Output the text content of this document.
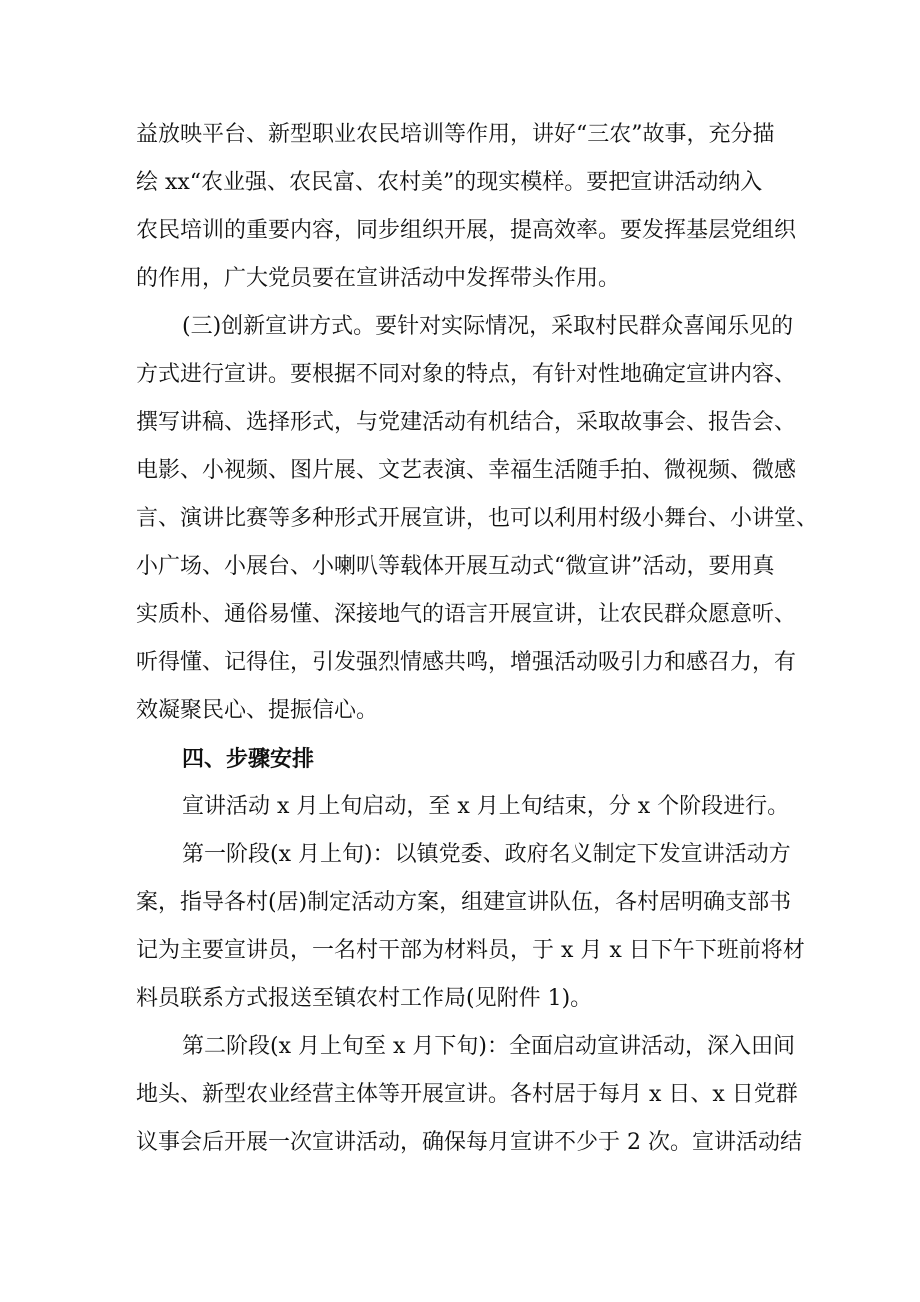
益放映平台、新型职业农民培训等作用，讲好“三农”故事，充分描

绘 xx“农业强、农民富、农村美”的现实模样。要把宣讲活动纳入

农民培训的重要内容，同步组织开展，提高效率。要发挥基层党组织

的作用，广大党员要在宣讲活动中发挥带头作用。

(三)创新宣讲方式。要针对实际情况，采取村民群众喜闻乐见的

方式进行宣讲。要根据不同对象的特点，有针对性地确定宣讲内容、

撰写讲稿、选择形式，与党建活动有机结合，采取故事会、报告会、

电影、小视频、图片展、文艺表演、幸福生活随手拍、微视频、微感

言、演讲比赛等多种形式开展宣讲，也可以利用村级小舞台、小讲堂、

小广场、小展台、小喇叭等载体开展互动式“微宣讲”活动，要用真

实质朴、通俗易懂、深接地气的语言开展宣讲，让农民群众愿意听、

听得懂、记得住，引发强烈情感共鸣，增强活动吸引力和感召力，有

效凝聚民心、提振信心。

四、步骤安排

宣讲活动 x 月上旬启动，至 x 月上旬结束，分 x 个阶段进行。

第一阶段(x 月上旬)：以镇党委、政府名义制定下发宣讲活动方

案，指导各村(居)制定活动方案，组建宣讲队伍，各村居明确支部书

记为主要宣讲员，一名村干部为材料员，于 x 月 x 日下午下班前将材

料员联系方式报送至镇农村工作局(见附件 1)。

第二阶段(x 月上旬至 x 月下旬)：全面启动宣讲活动，深入田间

地头、新型农业经营主体等开展宣讲。各村居于每月 x 日、x 日党群

议事会后开展一次宣讲活动，确保每月宣讲不少于 2 次。宣讲活动结
